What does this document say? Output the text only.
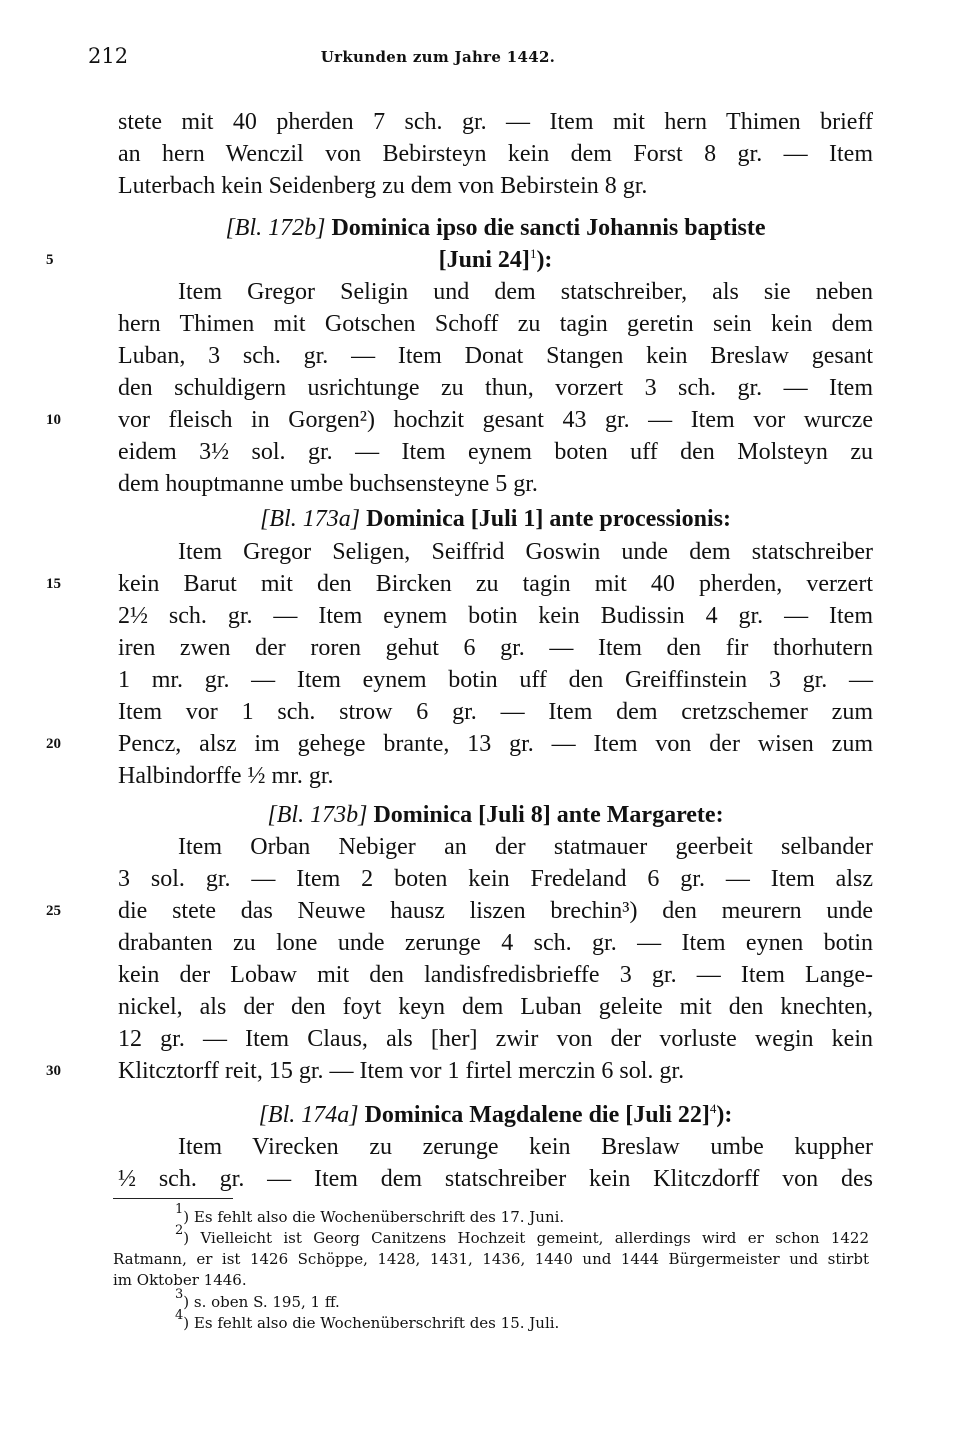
212	Urkunden zum Jahre 1442.
stete mit 40 pherden 7 sch. gr. — Item mit hern Thimen brieff
an hern Wenczil von Bebirsteyn kein dem Forst 8 gr. — Item
Luterbach kein Seidenberg zu dem von Bebirstein 8 gr.
[Bl. 172b] Dominica ipso die sancti Johannis baptiste
[Juni 24]$^1$):
5
Item Gregor Seligin und dem statschreiber, als sie neben
hern Thimen mit Gotschen Schoff zu tagin geretin sein kein dem
Luban, 3 sch. gr. — Item Donat Stangen kein Breslaw gesant
den schuldigern usrichtunge zu thun, vorzert 3 sch. gr. — Item
10 vor fleisch in Gorgen²) hochzit gesant 43 gr. — Item vor wurcze
eidem 3½ sol. gr. — Item eynem boten uff den Molsteyn zu
dem houptmanne umbe buchsensteyne 5 gr.
[Bl. 173a] Dominica [Juli 1] ante processionis:
Item Gregor Seligen, Seiffrid Goswin unde dem statschreiber
15 kein Barut mit den Bircken zu tagin mit 40 pherden, verzert
2½ sch. gr. — Item eynem botin kein Budissin 4 gr. — Item
iren zwen der roren gehut 6 gr. — Item den fir thorhutern
1 mr. gr. — Item eynem botin uff den Greiffinstein 3 gr. —
Item vor 1 sch. strow 6 gr. — Item dem cretzschemer zum
20 Pencz, alsz im gehege brante, 13 gr. — Item von der wisen zum
Halbindorffe ½ mr. gr.
[Bl. 173b] Dominica [Juli 8] ante Margarete:
Item Orban Nebiger an der statmauer geerbeit selbander
3 sol. gr. — Item 2 boten kein Fredeland 6 gr. — Item alsz
25 die stete das Neuwe hausz liszen brechin³) den meurern unde
drabanten zu lone unde zerunge 4 sch. gr. — Item eynen botin
kein der Lobaw mit den landisfredisbrieffe 3 gr. — Item Lange-
nickel, als der den foyt keyn dem Luban geleite mit den knechten,
12 gr. — Item Claus, als [her] zwir von der vorluste wegin kein
30 Klitcztorff reit, 15 gr. — Item vor 1 firtel merczin 6 sol. gr.
[Bl. 174a] Dominica Magdalene die [Juli 22]$^4$):
Item Virecken zu zerunge kein Breslaw umbe kuppher
½ sch. gr. — Item dem statschreiber kein Klitczdorff von des
$^1$) Es fehlt also die Wochenüberschrift des 17. Juni.
$^2$) Vielleicht ist Georg Canitzens Hochzeit gemeint, allerdings wird er schon 1422
Ratmann, er ist 1426 Schöppe, 1428, 1431, 1436, 1440 und 1444 Bürgermeister und stirbt
im Oktober 1446.
$^3$) s. oben S. 195, 1 ff.
$^4$) Es fehlt also die Wochenüberschrift des 15. Juli.
